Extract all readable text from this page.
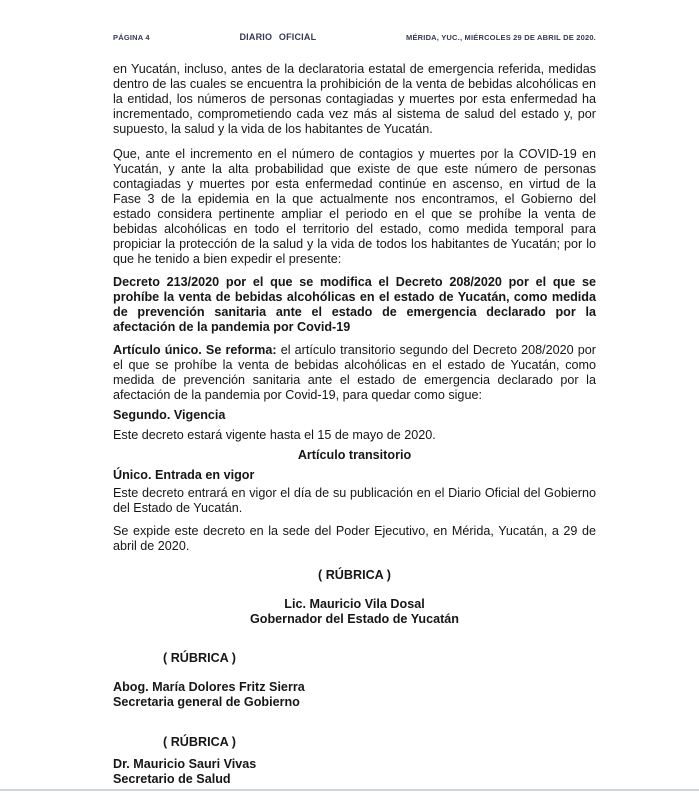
PÁGINA 4	DIARIO OFICIAL	MÉRIDA, YUC., MIÉRCOLES 29 DE ABRIL DE 2020.

en Yucatán, incluso, antes de la declaratoria estatal de emergencia referida, medidas dentro de las cuales se encuentra la prohibición de la venta de bebidas alcohólicas en la entidad, los números de personas contagiadas y muertes por esta enfermedad ha incrementado, comprometiendo cada vez más al sistema de salud del estado y, por supuesto, la salud y la vida de los habitantes de Yucatán.

Que, ante el incremento en el número de contagios y muertes por la COVID-19 en Yucatán, y ante la alta probabilidad que existe de que este número de personas contagiadas y muertes por esta enfermedad continúe en ascenso, en virtud de la Fase 3 de la epidemia en la que actualmente nos encontramos, el Gobierno del estado considera pertinente ampliar el periodo en el que se prohíbe la venta de bebidas alcohólicas en todo el territorio del estado, como medida temporal para propiciar la protección de la salud y la vida de todos los habitantes de Yucatán; por lo que he tenido a bien expedir el presente:

Decreto 213/2020 por el que se modifica el Decreto 208/2020 por el que se prohíbe la venta de bebidas alcohólicas en el estado de Yucatán, como medida de prevención sanitaria ante el estado de emergencia declarado por la afectación de la pandemia por Covid-19

Artículo único. Se reforma: el artículo transitorio segundo del Decreto 208/2020 por el que se prohíbe la venta de bebidas alcohólicas en el estado de Yucatán, como medida de prevención sanitaria ante el estado de emergencia declarado por la afectación de la pandemia por Covid-19, para quedar como sigue:

Segundo. Vigencia

Este decreto estará vigente hasta el 15 de mayo de 2020.

Artículo transitorio

Único. Entrada en vigor

Este decreto entrará en vigor el día de su publicación en el Diario Oficial del Gobierno del Estado de Yucatán.

Se expide este decreto en la sede del Poder Ejecutivo, en Mérida, Yucatán, a 29 de abril de 2020.

( RÚBRICA )
Lic. Mauricio Vila Dosal
Gobernador del Estado de Yucatán
( RÚBRICA )
Abog. María Dolores Fritz Sierra
Secretaria general de Gobierno
( RÚBRICA )
Dr. Mauricio Sauri Vivas
Secretario de Salud
